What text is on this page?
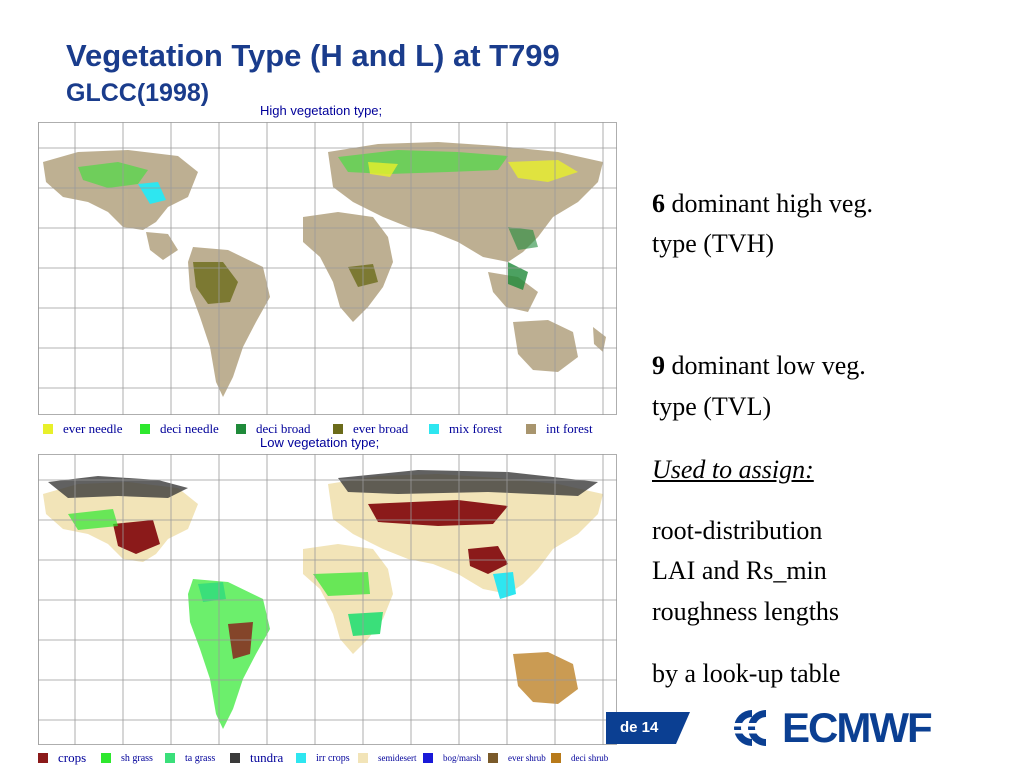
Vegetation Type (H and L) at T799
GLCC(1998)
High vegetation type;
ever needle	deci needle	deci broad	ever broad	mix forest	int forest
Low vegetation type;
crops	sh grass	ta grass	tundra	irr crops	semidesert	bog/marsh	ever shrub	deci shrub
6 dominant high veg.
type (TVH)
9 dominant low veg.
type (TVL)
Used to assign:
root-distribution
LAI and Rs_min
roughness lengths
by a look-up table
de 14	ECMWF
